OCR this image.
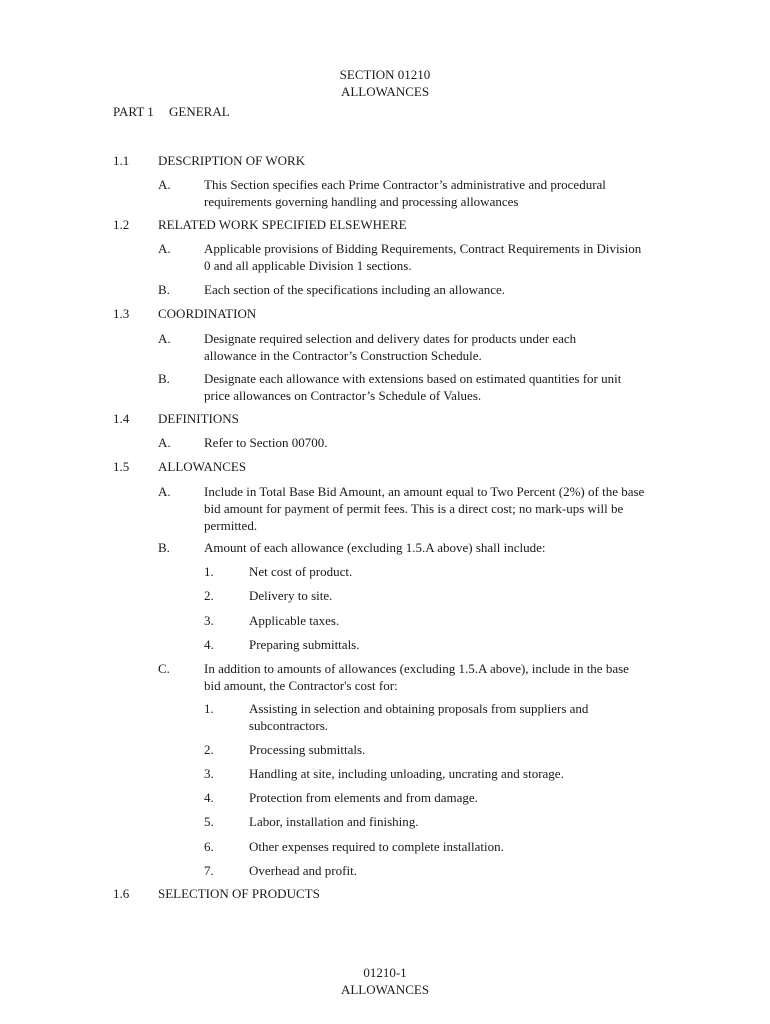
SECTION 01210
ALLOWANCES
PART 1 GENERAL
1.1 DESCRIPTION OF WORK
A.	This Section specifies each Prime Contractor’s administrative and procedural requirements governing handling and processing allowances
1.2 RELATED WORK SPECIFIED ELSEWHERE
A.	Applicable provisions of Bidding Requirements, Contract Requirements in Division 0 and all applicable Division 1 sections.
B.	Each section of the specifications including an allowance.
1.3 COORDINATION
A.	Designate required selection and delivery dates for products under each allowance in the Contractor’s Construction Schedule.
B.	Designate each allowance with extensions based on estimated quantities for unit price allowances on Contractor’s Schedule of Values.
1.4 DEFINITIONS
A.	Refer to Section 00700.
1.5 ALLOWANCES
A.	Include in Total Base Bid Amount, an amount equal to Two Percent (2%) of the base bid amount for payment of permit fees. This is a direct cost; no mark-ups will be permitted.
B.	Amount of each allowance (excluding 1.5.A above) shall include:
1.	Net cost of product.
2.	Delivery to site.
3.	Applicable taxes.
4.	Preparing submittals.
C.	In addition to amounts of allowances (excluding 1.5.A above), include in the base bid amount, the Contractor's cost for:
1.	Assisting in selection and obtaining proposals from suppliers and subcontractors.
2.	Processing submittals.
3.	Handling at site, including unloading, uncrating and storage.
4.	Protection from elements and from damage.
5.	Labor, installation and finishing.
6.	Other expenses required to complete installation.
7.	Overhead and profit.
1.6 SELECTION OF PRODUCTS
01210-1
ALLOWANCES
